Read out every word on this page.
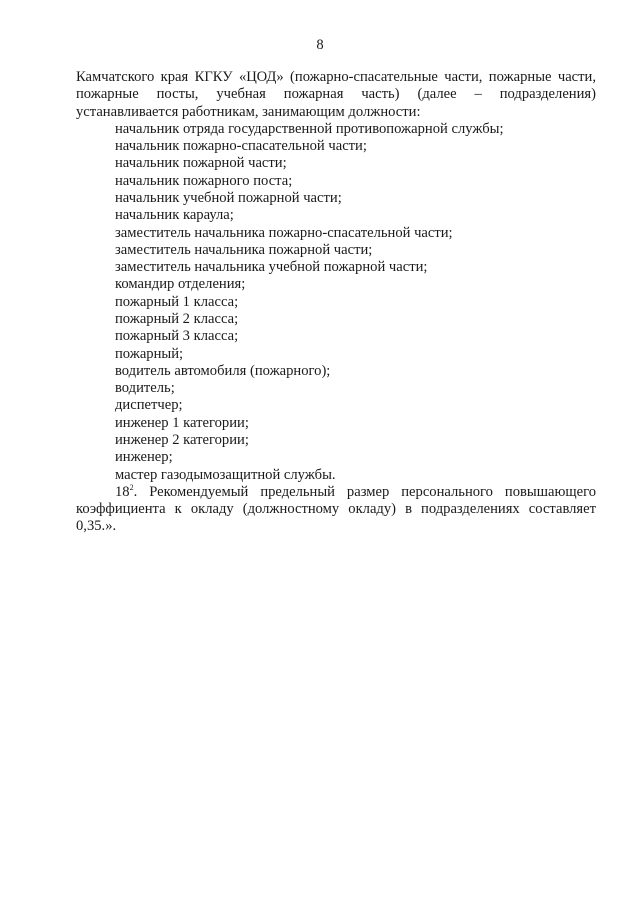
8

Камчатского края КГКУ «ЦОД» (пожарно-спасательные части, пожарные части,
пожарные посты, учебная пожарная часть) (далее – подразделения)
устанавливается работникам, занимающим должности:

начальник отряда государственной противопожарной службы;
начальник пожарно-спасательной части;
начальник пожарной части;
начальник пожарного поста;
начальник учебной пожарной части;
начальник караула;
заместитель начальника пожарно-спасательной части;
заместитель начальника пожарной части;
заместитель начальника учебной пожарной части;
командир отделения;
пожарный 1 класса;
пожарный 2 класса;
пожарный 3 класса;
пожарный;
водитель автомобиля (пожарного);
водитель;
диспетчер;
инженер 1 категории;
инженер 2 категории;
инженер;
мастер газодымозащитной службы.

$18^2$. Рекомендуемый предельный размер персонального повышающего
коэффициента к окладу (должностному окладу) в подразделениях составляет
0,35.».
